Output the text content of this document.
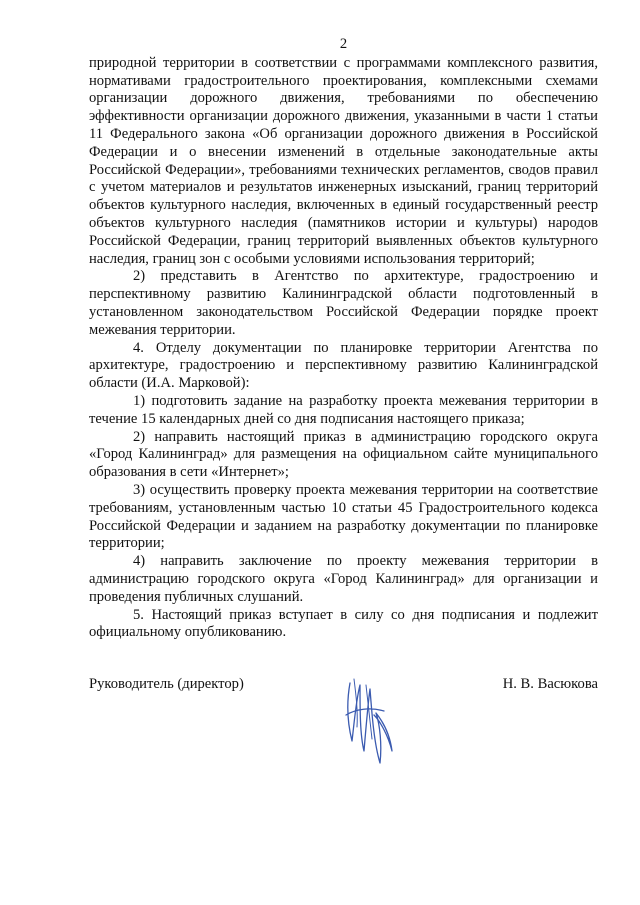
2

природной территории в соответствии с программами комплексного развития, нормативами градостроительного проектирования, комплексными схемами организации дорожного движения, требованиями по обеспечению эффективности организации дорожного движения, указанными в части 1 статьи 11 Федерального закона «Об организации дорожного движения в Российской Федерации и о внесении изменений в отдельные законодательные акты Российской Федерации», требованиями технических регламентов, сводов правил с учетом материалов и результатов инженерных изысканий, границ территорий объектов культурного наследия, включенных в единый государственный реестр объектов культурного наследия (памятников истории и культуры) народов Российской Федерации, границ территорий выявленных объектов культурного наследия, границ зон с особыми условиями использования территорий;

2) представить в Агентство по архитектуре, градостроению и перспективному развитию Калининградской области подготовленный в установленном законодательством Российской Федерации порядке проект межевания территории.

4. Отделу документации по планировке территории Агентства по архитектуре, градостроению и перспективному развитию Калининградской области (И.А. Марковой):

1) подготовить задание на разработку проекта межевания территории в течение 15 календарных дней со дня подписания настоящего приказа;

2) направить настоящий приказ в администрацию городского округа «Город Калининград» для размещения на официальном сайте муниципального образования в сети «Интернет»;

3) осуществить проверку проекта межевания территории на соответствие требованиям, установленным частью 10 статьи 45 Градостроительного кодекса Российской Федерации и заданием на разработку документации по планировке территории;

4) направить заключение по проекту межевания территории в администрацию городского округа «Город Калининград» для организации и проведения публичных слушаний.

5. Настоящий приказ вступает в силу со дня подписания и подлежит официальному опубликованию.

Руководитель (директор)	Н. В. Васюкова
